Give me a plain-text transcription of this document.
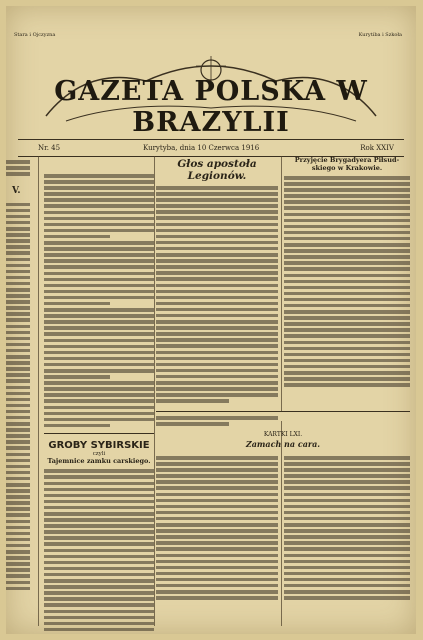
Stara i Ojczyzna	Kurytiba i Szkoła
GAZETA POLSKA W BRAZYLII
Nr. 45	Kurytyba, dnia 10 Czerwca 1916	Rok XXIV
V.
GROBY SYBIRSKIE
czyli
Tajemnice zamku carskiego.
Głos apostoła Legionów.
Przyjęcie Brygadyera Piłsud-
skiego w Krakowie.
KARTKI LXI.
Zamach na cara.
